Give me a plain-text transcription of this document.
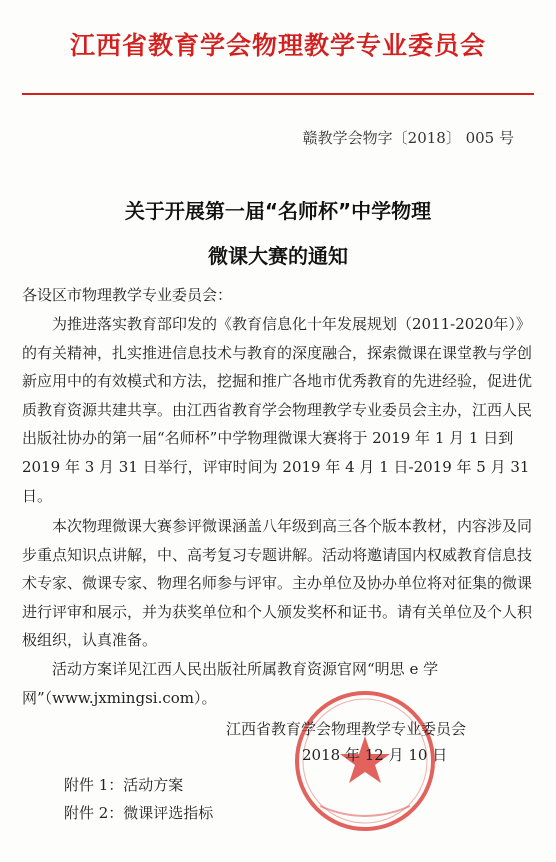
江西省教育学会物理教学专业委员会
赣教学会物字〔2018〕 005 号
关于开展第一届“名师杯”中学物理
微课大赛的通知
各设区市物理教学专业委员会：

为推进落实教育部印发的《教育信息化十年发展规划（2011-2020年）》的有关精神，扎实推进信息技术与教育的深度融合，探索微课在课堂教与学创新应用中的有效模式和方法，挖掘和推广各地市优秀教育的先进经验，促进优质教育资源共建共享。由江西省教育学会物理教学专业委员会主办，江西人民出版社协办的第一届“名师杯”中学物理微课大赛将于 2019 年 1 月 1 日到 2019 年 3 月 31 日举行，评审时间为 2019 年 4 月 1 日-2019 年 5 月 31 日。

本次物理微课大赛参评微课涵盖八年级到高三各个版本教材，内容涉及同步重点知识点讲解，中、高考复习专题讲解。活动将邀请国内权威教育信息技术专家、微课专家、物理名师参与评审。主办单位及协办单位将对征集的微课进行评审和展示，并为获奖单位和个人颁发奖杯和证书。请有关单位及个人积极组织，认真准备。

活动方案详见江西人民出版社所属教育资源官网“明思 e 学网”（www.jxmingsi.com）。

江西省教育学会物理教学专业委员会
2018 年 12 月 10 日
附件 1：活动方案
附件 2：微课评选指标
